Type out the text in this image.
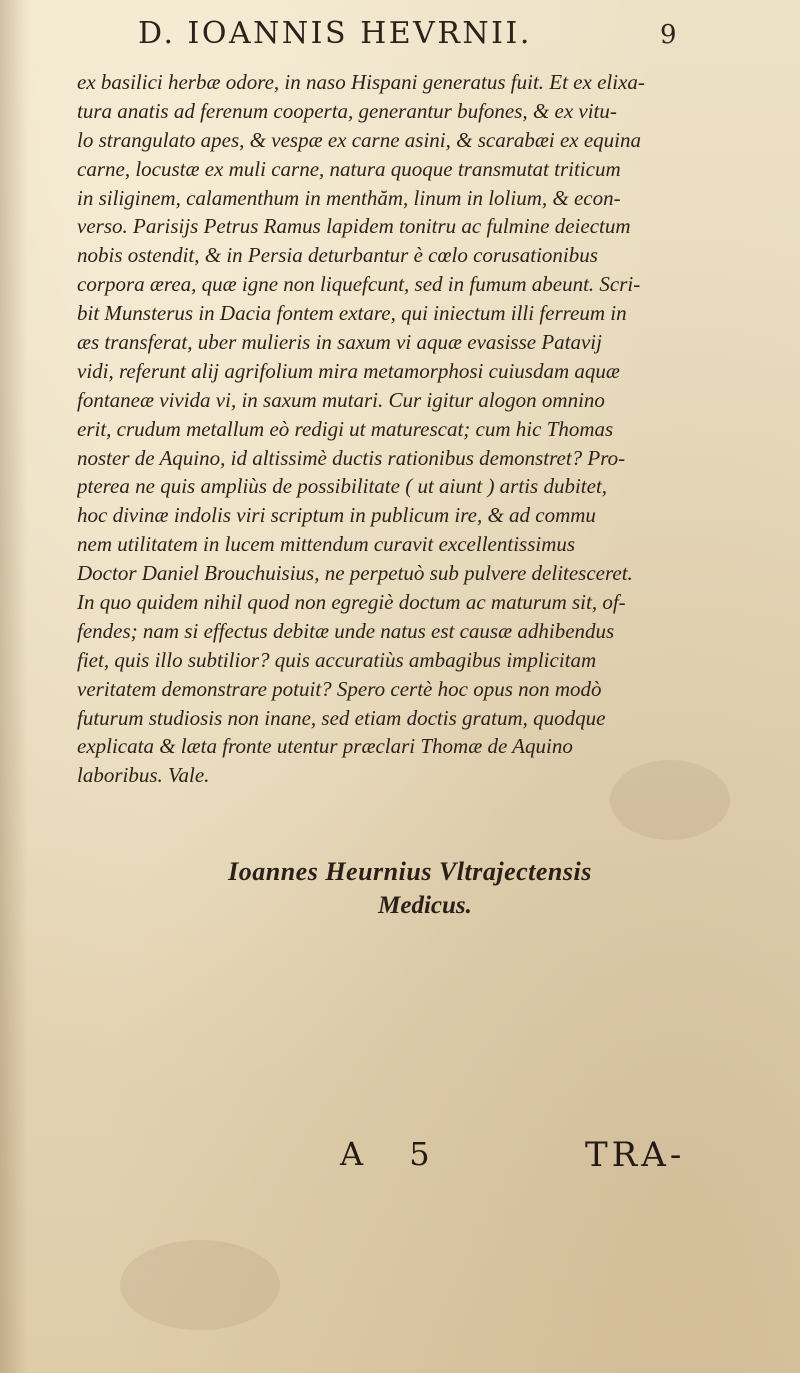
D. IOANNIS HEVRNII.	9
ex basilici herbæ odore, in naso Hispani generatus fuit. Et ex elixa-
tura anatis ad ferenum cooperta, generantur bufones, & ex vitu-
lo strangulato apes, & vespæ ex carne asini, & scarabæi ex equina
carne, locustæ ex muli carne, natura quoque transmutat triticum
in siliginem, calamenthum in menthăm, linum in lolium, & econ-
verso. Parisijs Petrus Ramus lapidem tonitru ac fulmine deiectum
nobis ostendit, & in Persia deturbantur è cœlo corusationibus
corpora ærea, quæ igne non liquefcunt, sed in fumum abeunt. Scri-
bit Munsterus in Dacia fontem extare, qui iniectum illi ferreum in
æs transferat, uber mulieris in saxum vi aquæ evasisse Patavij
vidi, referunt alij agrifolium mira metamorphosi cuiusdam aquæ
fontaneæ vivida vi, in saxum mutari. Cur igitur alogon omnino
erit, crudum metallum eò redigi ut maturescat; cum hic Thomas
noster de Aquino, id altissimè ductis rationibus demonstret? Pro-
pterea ne quis ampliùs de possibilitate ( ut aiunt ) artis dubitet,
hoc divinæ indolis viri scriptum in publicum ire, & ad commu
nem utilitatem in lucem mittendum curavit excellentissimus
Doctor Daniel Brouchuisius, ne perpetuò sub pulvere delitesceret.
In quo quidem nihil quod non egregiè doctum ac maturum sit, of-
fendes; nam si effectus debitæ unde natus est causæ adhibendus
fiet, quis illo subtilior? quis accuratiùs ambagibus implicitam
veritatem demonstrare potuit? Spero certè hoc opus non modò
futurum studiosis non inane, sed etiam doctis gratum, quodque
explicata & læta fronte utentur præclari Thomæ de Aquino
laboribus. Vale.
Ioannes Heurnius Vltrajectensis
Medicus.
A 5	TRA-
